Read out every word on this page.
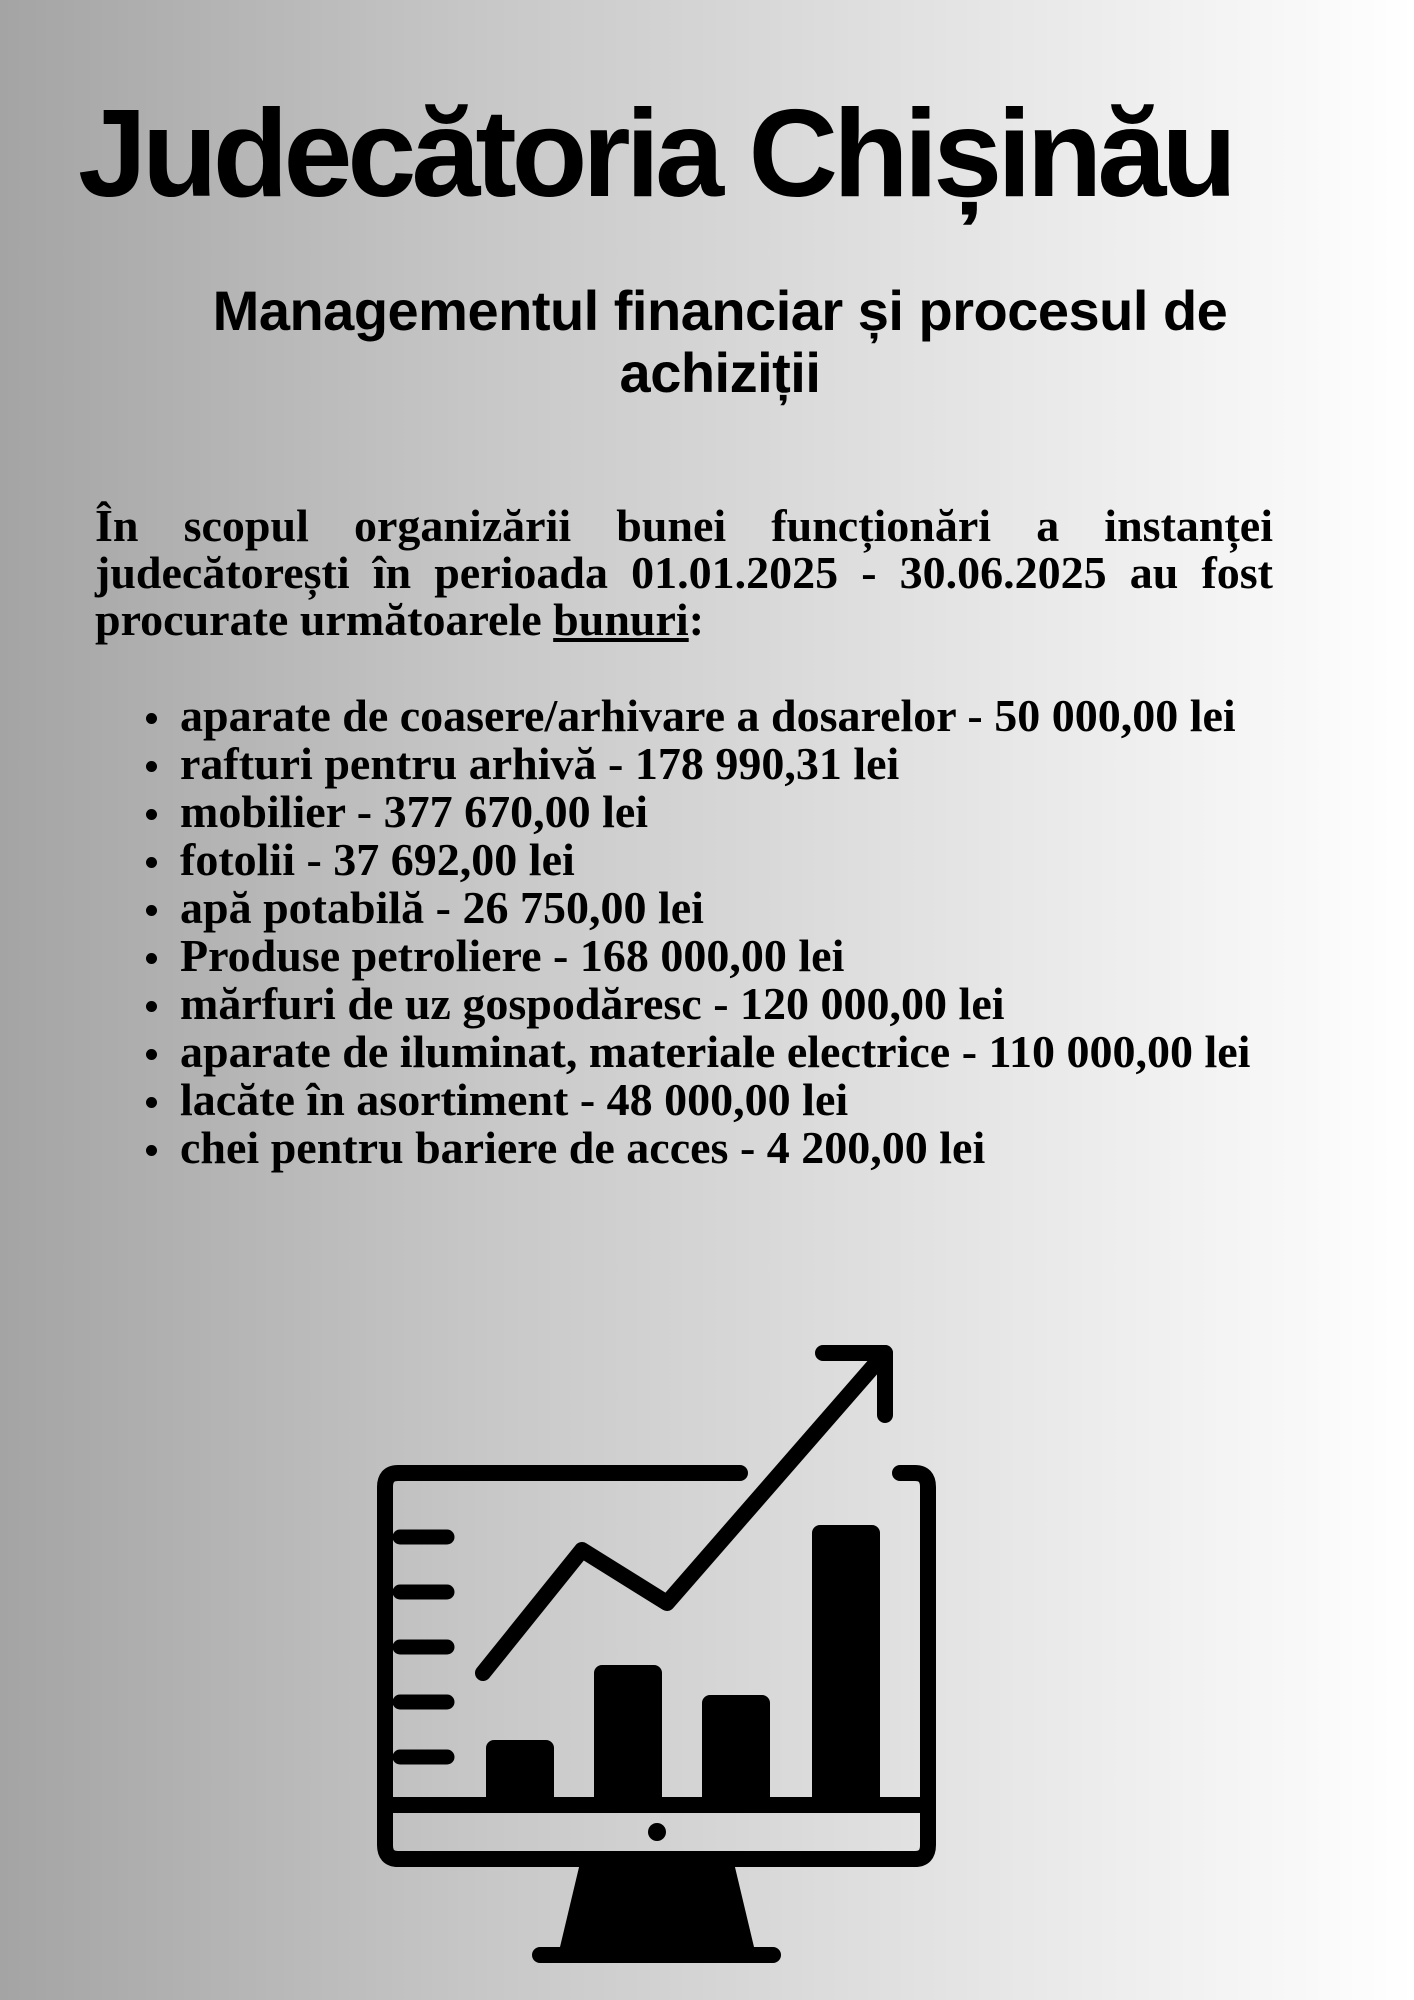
Judecătoria Chișinău
Managementul financiar și procesul de achiziții

În scopul organizării bunei funcționări a instanței judecătorești în perioada 01.01.2025 - 30.06.2025 au fost procurate următoarele bunuri:

aparate de coasere/arhivare a dosarelor - 50 000,00 lei
rafturi pentru arhivă - 178 990,31 lei
mobilier - 377 670,00 lei
fotolii - 37 692,00 lei
apă potabilă - 26 750,00 lei
Produse petroliere - 168 000,00 lei
mărfuri de uz gospodăresc - 120 000,00 lei
aparate de iluminat, materiale electrice - 110 000,00 lei
lacăte în asortiment - 48 000,00 lei
chei pentru bariere de acces - 4 200,00 lei
